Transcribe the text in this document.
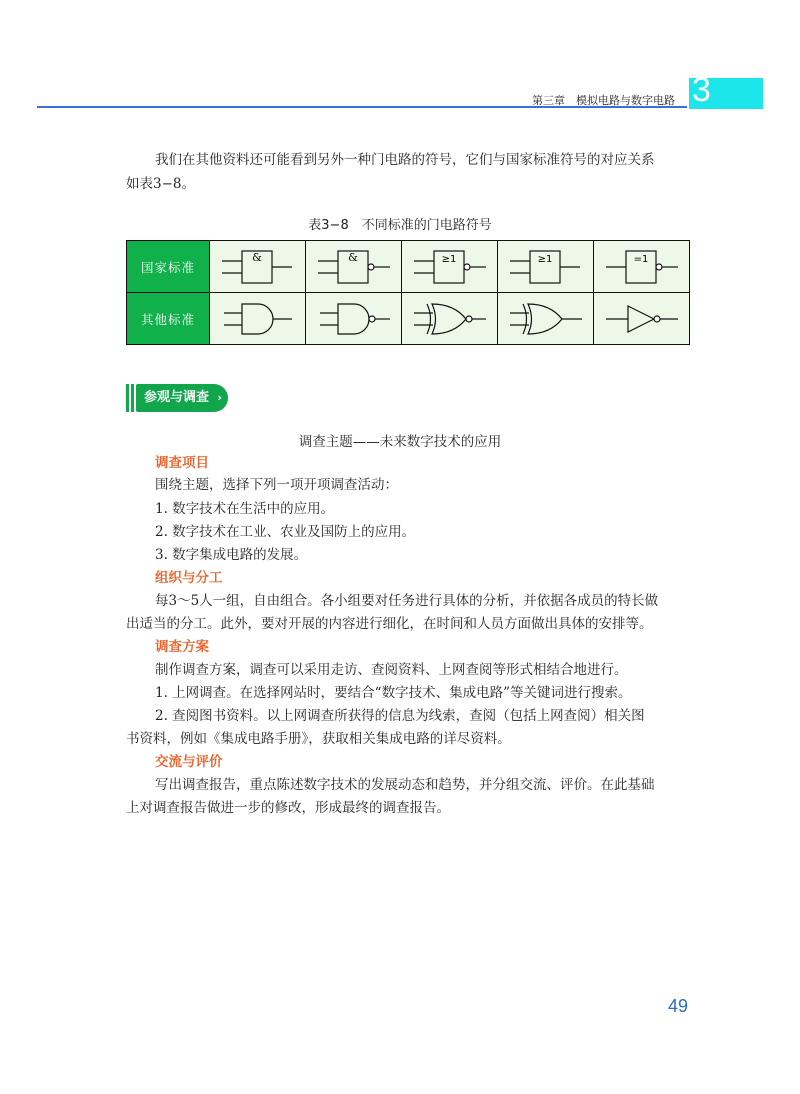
第三章　模拟电路与数字电路 3
我们在其他资料还可能看到另外一种门电路的符号，它们与国家标准符号的对应关系
如表3−8。
表3−8　不同标准的门电路符号
国家标准	&	&	≥1	≥1	=1

其他标准	

参观与调查 ›
调查主题——未来数字技术的应用
调查项目
围绕主题，选择下列一项开项调查活动：
1. 数字技术在生活中的应用。
2. 数字技术在工业、农业及国防上的应用。
3. 数字集成电路的发展。
组织与分工
每3～5人一组，自由组合。各小组要对任务进行具体的分析，并依据各成员的特长做
出适当的分工。此外，要对开展的内容进行细化，在时间和人员方面做出具体的安排等。
调查方案
制作调查方案，调查可以采用走访、查阅资料、上网查阅等形式相结合地进行。
1. 上网调查。在选择网站时，要结合“数字技术、集成电路”等关键词进行搜索。
2. 查阅图书资料。以上网调查所获得的信息为线索，查阅（包括上网查阅）相关图
书资料，例如《集成电路手册》，获取相关集成电路的详尽资料。
交流与评价
写出调查报告，重点陈述数字技术的发展动态和趋势，并分组交流、评价。在此基础
上对调查报告做进一步的修改，形成最终的调查报告。
49
